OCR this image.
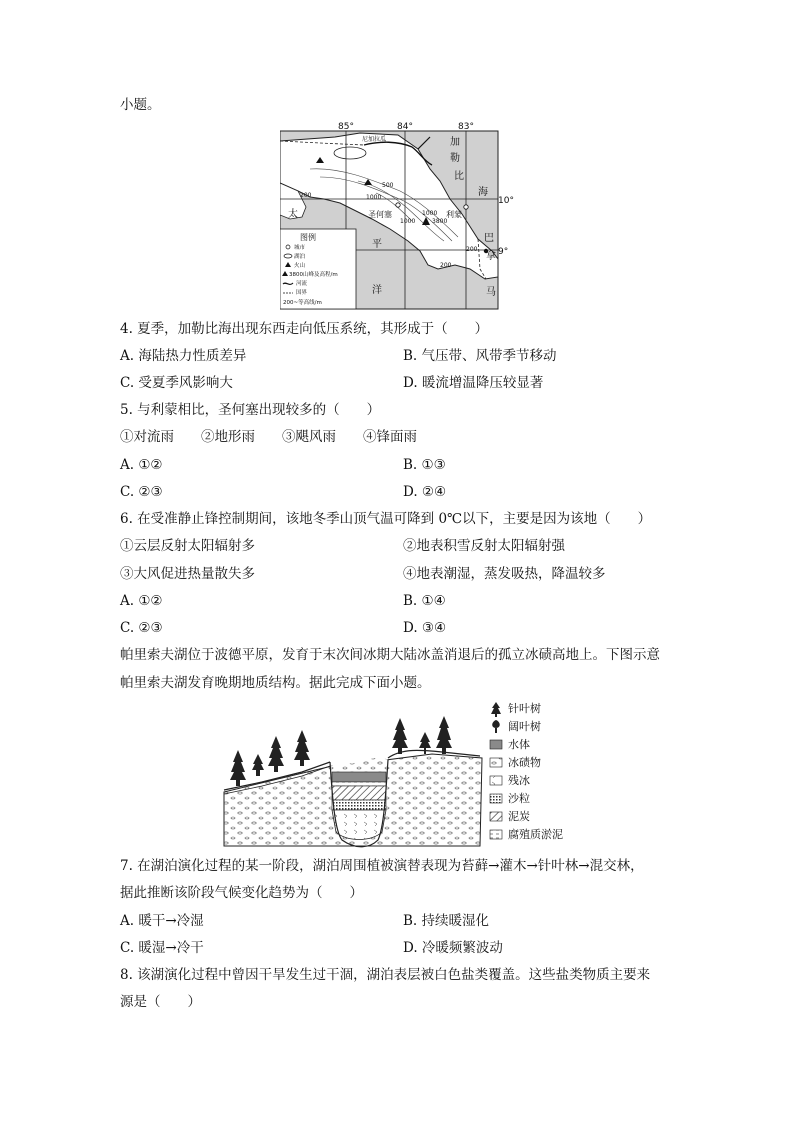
小题。
85°	84°	83°
10°
9°
尼加拉瓜	加
勒
比
海
太
平
洋
巴
拿
马
圣何塞	利蒙
200
500
1000
1000
1000	3800
200
200
图例
城市
湖泊
火山
3800山峰及高程/m
河流
国界
200~等高线/m
4. 夏季，加勒比海出现东西走向低压系统，其形成于（　　）
A. 海陆热力性质差异	B. 气压带、风带季节移动
C. 受夏季风影响大	D. 暖流增温降压较显著
5. 与利蒙相比，圣何塞出现较多的（　　）
①对流雨　　②地形雨　　③飓风雨　　④锋面雨
A. ①②	B. ①③
C. ②③	D. ②④
6. 在受准静止锋控制期间，该地冬季山顶气温可降到 0℃以下，主要是因为该地（　　）
①云层反射太阳辐射多	②地表积雪反射太阳辐射强
③大风促进热量散失多	④地表潮湿，蒸发吸热，降温较多
A. ①②	B. ①④
C. ②③	D. ③④
帕里索夫湖位于波德平原，发育于末次间冰期大陆冰盖消退后的孤立冰碛高地上。下图示意
帕里索夫湖发育晚期地质结构。据此完成下面小题。
针叶树
阔叶树
水体
冰碛物
残冰
沙粒
泥炭
腐殖质淤泥
7. 在湖泊演化过程的某一阶段，湖泊周围植被演替表现为苔藓→灌木→针叶林→混交林，
据此推断该阶段气候变化趋势为（　　）
A. 暖干→冷湿	B. 持续暖湿化
C. 暖湿→冷干	D. 冷暖频繁波动
8. 该湖演化过程中曾因干旱发生过干涸，湖泊表层被白色盐类覆盖。这些盐类物质主要来
源是（　　）
